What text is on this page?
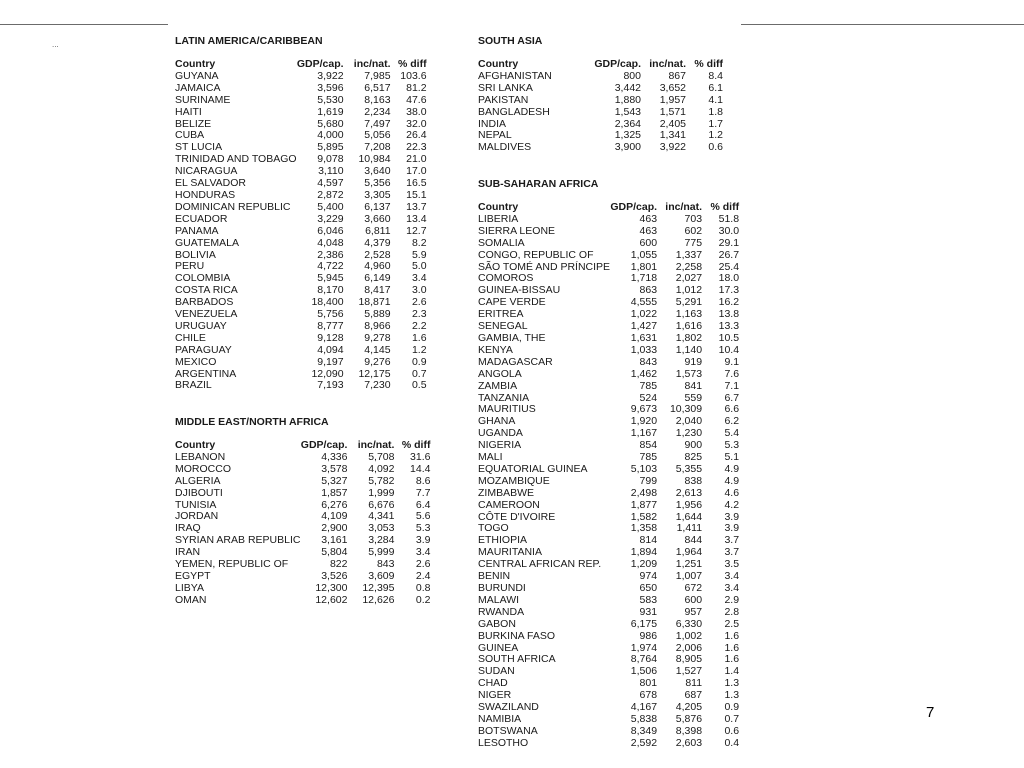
...
7
LATIN AMERICA/CARIBBEAN
Country	GDP/cap.	inc/nat.	% diff
GUYANA	3,922	7,985	103.6
JAMAICA	3,596	6,517	81.2
SURINAME	5,530	8,163	47.6
HAITI	1,619	2,234	38.0
BELIZE	5,680	7,497	32.0
CUBA	4,000	5,056	26.4
ST LUCIA	5,895	7,208	22.3
TRINIDAD AND TOBAGO	9,078	10,984	21.0
NICARAGUA	3,110	3,640	17.0
EL SALVADOR	4,597	5,356	16.5
HONDURAS	2,872	3,305	15.1
DOMINICAN REPUBLIC	5,400	6,137	13.7
ECUADOR	3,229	3,660	13.4
PANAMA	6,046	6,811	12.7
GUATEMALA	4,048	4,379	8.2
BOLIVIA	2,386	2,528	5.9
PERU	4,722	4,960	5.0
COLOMBIA	5,945	6,149	3.4
COSTA RICA	8,170	8,417	3.0
BARBADOS	18,400	18,871	2.6
VENEZUELA	5,756	5,889	2.3
URUGUAY	8,777	8,966	2.2
CHILE	9,128	9,278	1.6
PARAGUAY	4,094	4,145	1.2
MEXICO	9,197	9,276	0.9
ARGENTINA	12,090	12,175	0.7
BRAZIL	7,193	7,230	0.5
MIDDLE EAST/NORTH AFRICA
Country	GDP/cap.	inc/nat.	% diff
LEBANON	4,336	5,708	31.6
MOROCCO	3,578	4,092	14.4
ALGERIA	5,327	5,782	8.6
DJIBOUTI	1,857	1,999	7.7
TUNISIA	6,276	6,676	6.4
JORDAN	4,109	4,341	5.6
IRAQ	2,900	3,053	5.3
SYRIAN ARAB REPUBLIC	3,161	3,284	3.9
IRAN	5,804	5,999	3.4
YEMEN, REPUBLIC OF	822	843	2.6
EGYPT	3,526	3,609	2.4
LIBYA	12,300	12,395	0.8
OMAN	12,602	12,626	0.2
SOUTH ASIA
Country	GDP/cap.	inc/nat.	% diff
AFGHANISTAN	800	867	8.4
SRI LANKA	3,442	3,652	6.1
PAKISTAN	1,880	1,957	4.1
BANGLADESH	1,543	1,571	1.8
INDIA	2,364	2,405	1.7
NEPAL	1,325	1,341	1.2
MALDIVES	3,900	3,922	0.6
SUB-SAHARAN AFRICA
Country	GDP/cap.	inc/nat.	% diff
LIBERIA	463	703	51.8
SIERRA LEONE	463	602	30.0
SOMALIA	600	775	29.1
CONGO, REPUBLIC OF	1,055	1,337	26.7
SÃO TOMÉ AND PRÍNCIPE	1,801	2,258	25.4
COMOROS	1,718	2,027	18.0
GUINEA-BISSAU	863	1,012	17.3
CAPE VERDE	4,555	5,291	16.2
ERITREA	1,022	1,163	13.8
SENEGAL	1,427	1,616	13.3
GAMBIA, THE	1,631	1,802	10.5
KENYA	1,033	1,140	10.4
MADAGASCAR	843	919	9.1
ANGOLA	1,462	1,573	7.6
ZAMBIA	785	841	7.1
TANZANIA	524	559	6.7
MAURITIUS	9,673	10,309	6.6
GHANA	1,920	2,040	6.2
UGANDA	1,167	1,230	5.4
NIGERIA	854	900	5.3
MALI	785	825	5.1
EQUATORIAL GUINEA	5,103	5,355	4.9
MOZAMBIQUE	799	838	4.9
ZIMBABWE	2,498	2,613	4.6
CAMEROON	1,877	1,956	4.2
CÔTE D'IVOIRE	1,582	1,644	3.9
TOGO	1,358	1,411	3.9
ETHIOPIA	814	844	3.7
MAURITANIA	1,894	1,964	3.7
CENTRAL AFRICAN REP.	1,209	1,251	3.5
BENIN	974	1,007	3.4
BURUNDI	650	672	3.4
MALAWI	583	600	2.9
RWANDA	931	957	2.8
GABON	6,175	6,330	2.5
BURKINA FASO	986	1,002	1.6
GUINEA	1,974	2,006	1.6
SOUTH AFRICA	8,764	8,905	1.6
SUDAN	1,506	1,527	1.4
CHAD	801	811	1.3
NIGER	678	687	1.3
SWAZILAND	4,167	4,205	0.9
NAMIBIA	5,838	5,876	0.7
BOTSWANA	8,349	8,398	0.6
LESOTHO	2,592	2,603	0.4
